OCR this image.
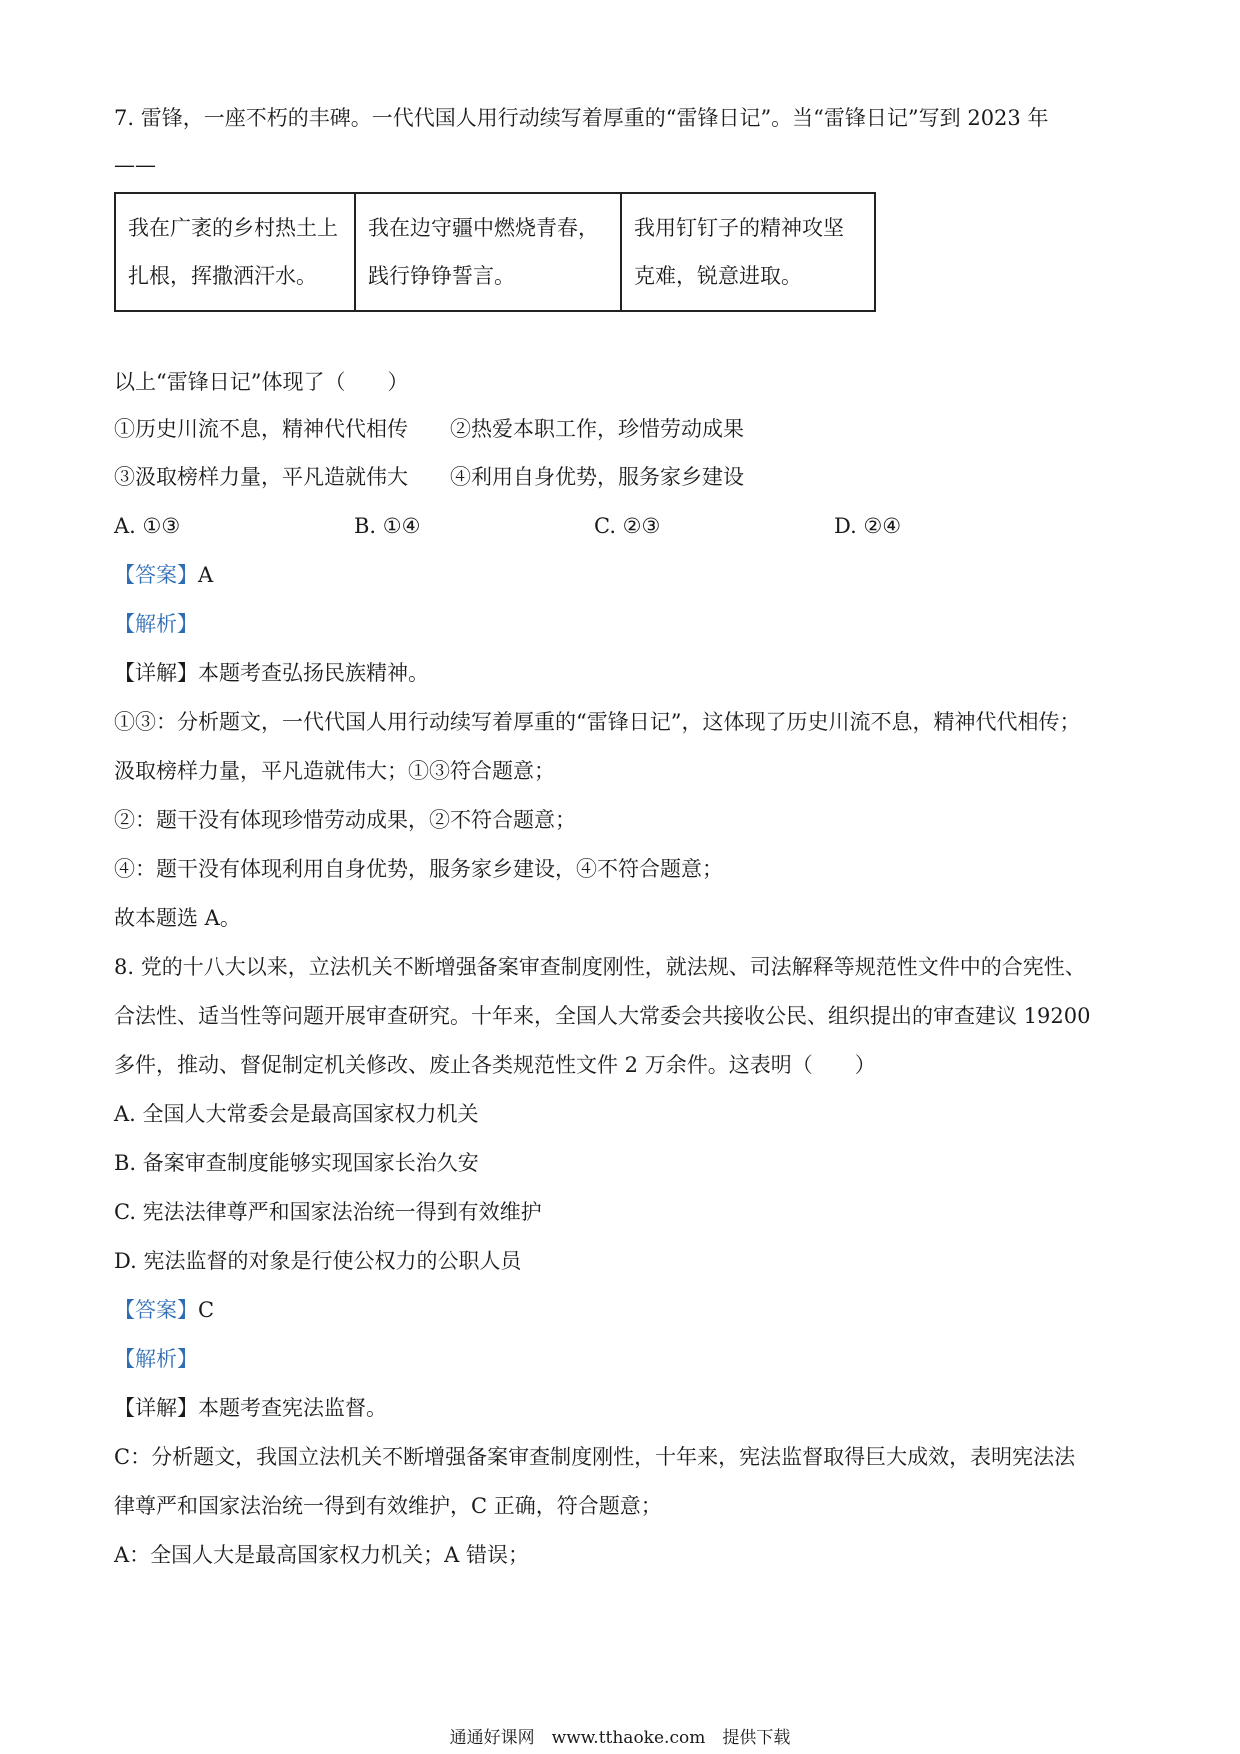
7. 雷锋，一座不朽的丰碑。一代代国人用行动续写着厚重的“雷锋日记”。当“雷锋日记”写到 2023 年
——
我在广袤的乡村热土上扎根，挥撒洒汗水。	我在边守疆中燃烧青春，践行铮铮誓言。	我用钉钉子的精神攻坚克难，锐意进取。
以上“雷锋日记”体现了（　　）
①历史川流不息，精神代代相传　　②热爱本职工作，珍惜劳动成果
③汲取榜样力量，平凡造就伟大　　④利用自身优势，服务家乡建设
A. ①③	B. ①④	C. ②③	D. ②④
【答案】A
【解析】
【详解】本题考查弘扬民族精神。
①③：分析题文，一代代国人用行动续写着厚重的“雷锋日记”，这体现了历史川流不息，精神代代相传；
汲取榜样力量，平凡造就伟大；①③符合题意；
②：题干没有体现珍惜劳动成果，②不符合题意；
④：题干没有体现利用自身优势，服务家乡建设，④不符合题意；
故本题选 A。
8. 党的十八大以来，立法机关不断增强备案审查制度刚性，就法规、司法解释等规范性文件中的合宪性、
合法性、适当性等问题开展审查研究。十年来，全国人大常委会共接收公民、组织提出的审查建议 19200
多件，推动、督促制定机关修改、废止各类规范性文件 2 万余件。这表明（　　）
A. 全国人大常委会是最高国家权力机关
B. 备案审查制度能够实现国家长治久安
C. 宪法法律尊严和国家法治统一得到有效维护
D. 宪法监督的对象是行使公权力的公职人员
【答案】C
【解析】
【详解】本题考查宪法监督。
C：分析题文，我国立法机关不断增强备案审查制度刚性，十年来，宪法监督取得巨大成效，表明宪法法
律尊严和国家法治统一得到有效维护，C 正确，符合题意；
A：全国人大是最高国家权力机关；A 错误；
通通好课网　www.tthaoke.com　提供下载
